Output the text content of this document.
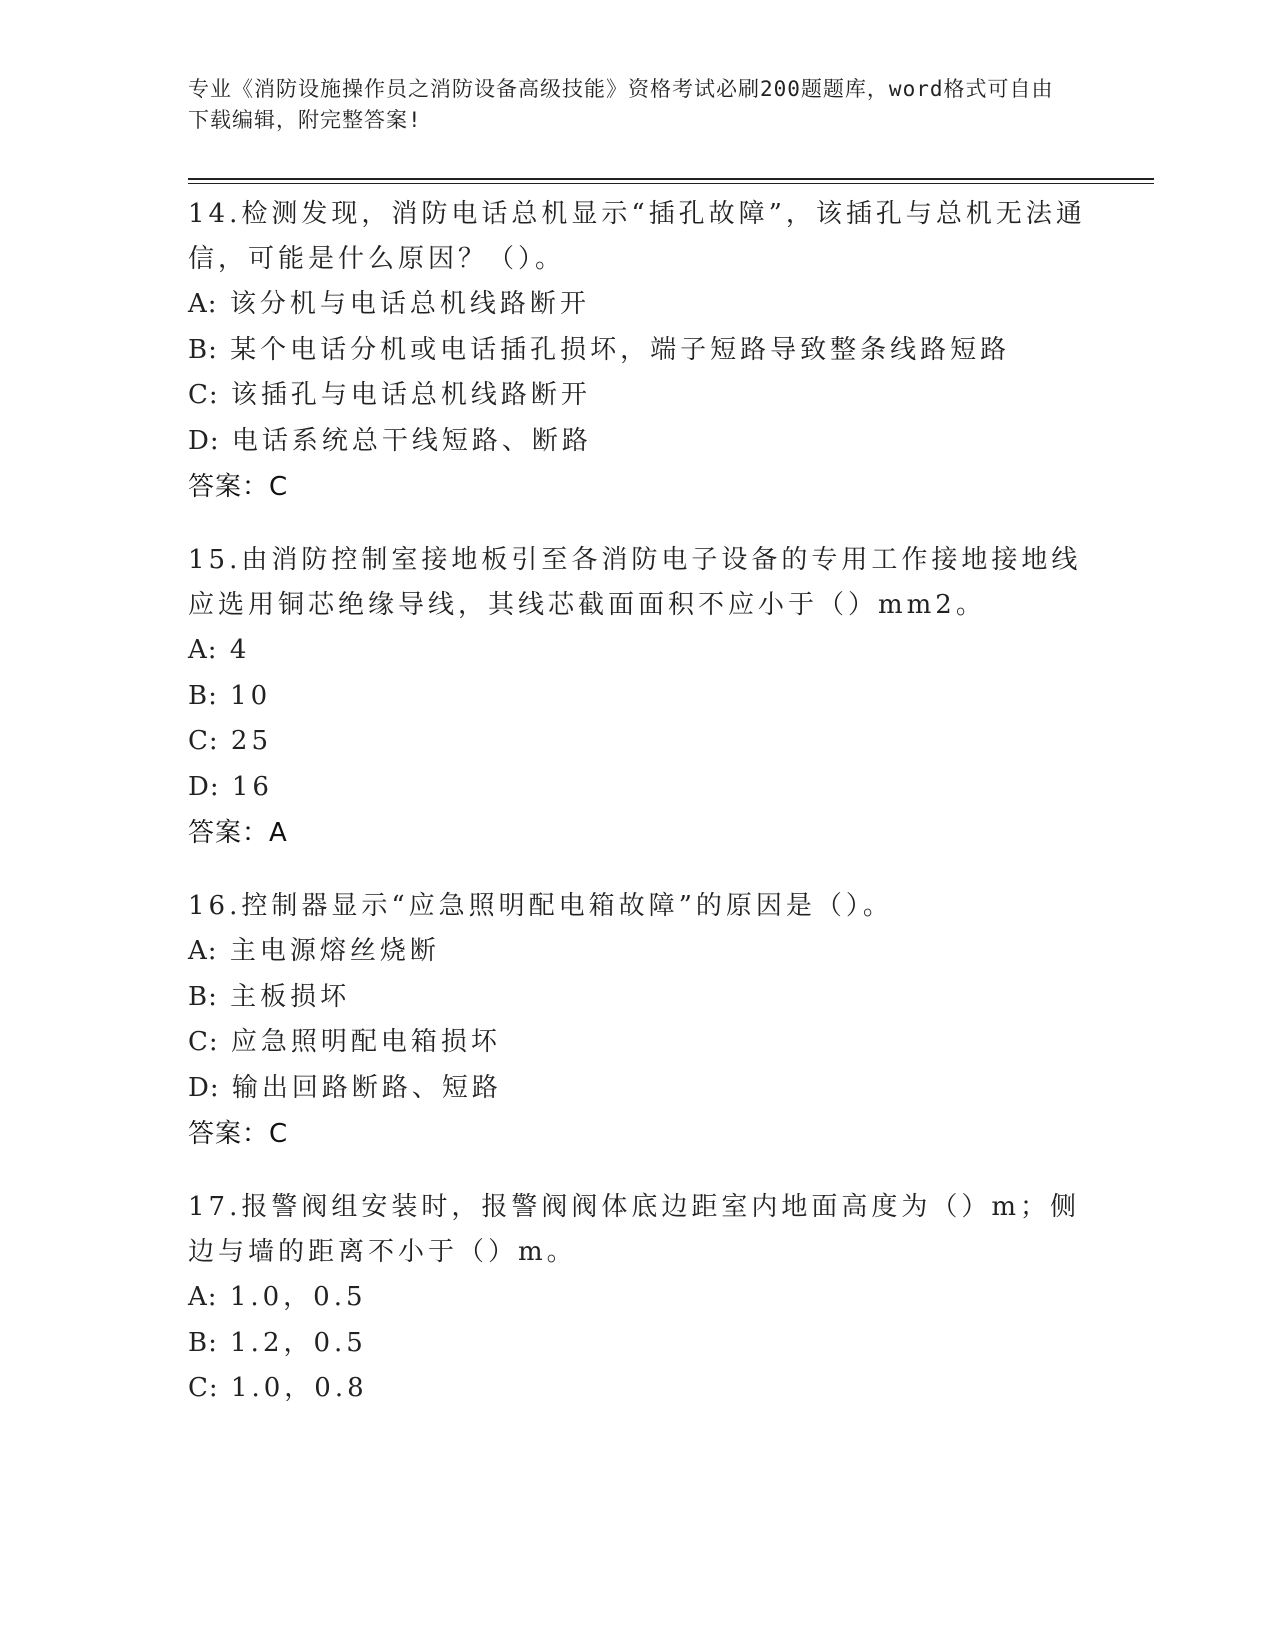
专业《消防设施操作员之消防设备高级技能》资格考试必刷200题题库，word格式可自由下载编辑，附完整答案!
14.检测发现，消防电话总机显示“插孔故障”，该插孔与总机无法通信，可能是什么原因？（）。
A: 该分机与电话总机线路断开
B: 某个电话分机或电话插孔损坏，端子短路导致整条线路短路
C: 该插孔与电话总机线路断开
D: 电话系统总干线短路、断路
答案：C
15.由消防控制室接地板引至各消防电子设备的专用工作接地接地线应选用铜芯绝缘导线，其线芯截面面积不应小于（）mm2。
A: 4
B: 10
C: 25
D: 16
答案：A
16.控制器显示“应急照明配电箱故障”的原因是（）。
A: 主电源熔丝烧断
B: 主板损坏
C: 应急照明配电箱损坏
D: 输出回路断路、短路
答案：C
17.报警阀组安装时，报警阀阀体底边距室内地面高度为（）m；侧边与墙的距离不小于（）m。
A: 1.0，0.5
B: 1.2，0.5
C: 1.0，0.8
